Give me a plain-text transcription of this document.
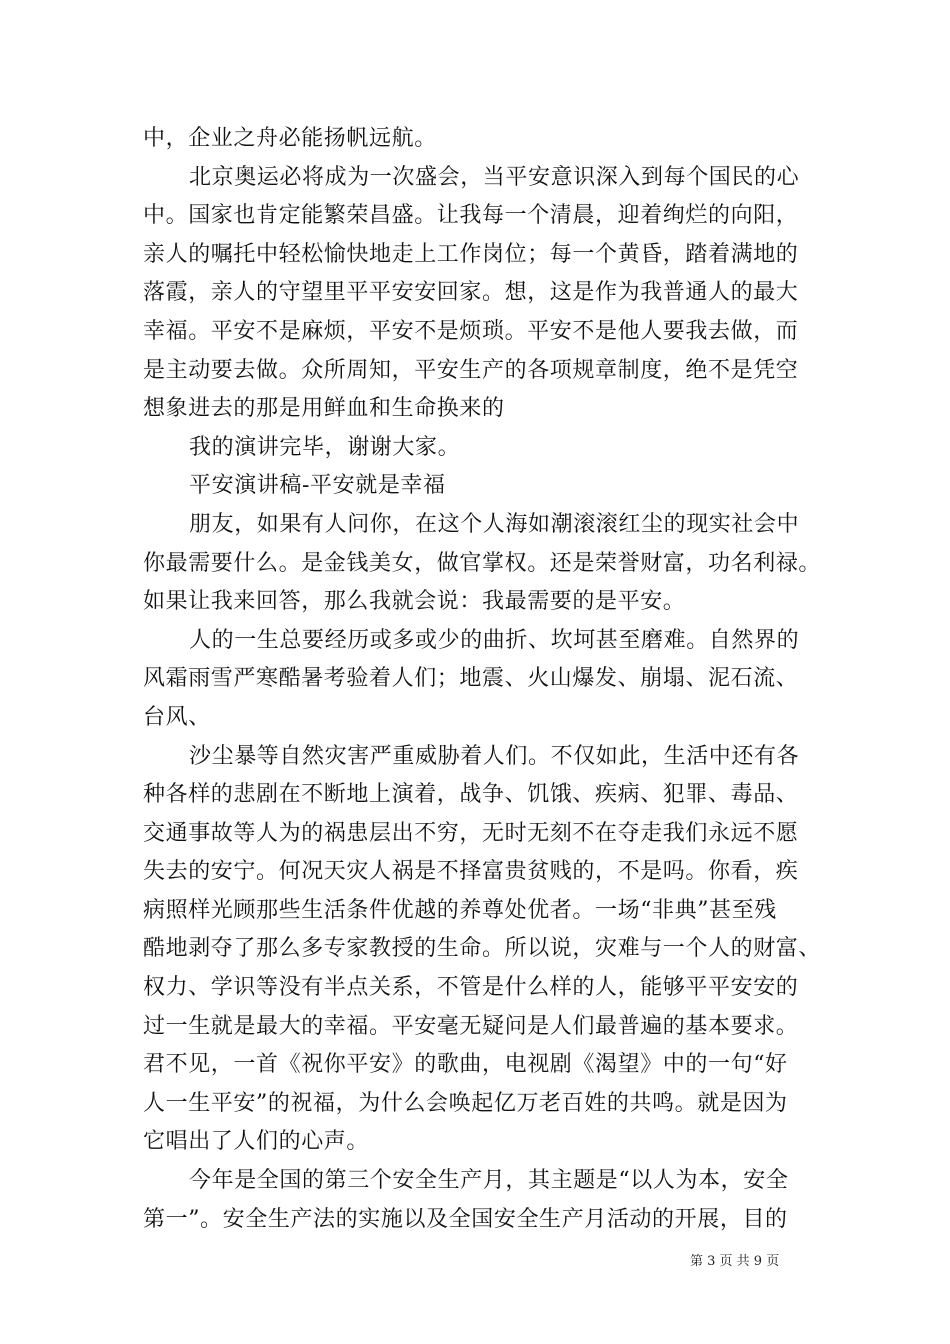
中，企业之舟必能扬帆远航。
北京奥运必将成为一次盛会，当平安意识深入到每个国民的心
中。国家也肯定能繁荣昌盛。让我每一个清晨，迎着绚烂的向阳，
亲人的嘱托中轻松愉快地走上工作岗位；每一个黄昏，踏着满地的
落霞，亲人的守望里平平安安回家。想，这是作为我普通人的最大
幸福。平安不是麻烦，平安不是烦琐。平安不是他人要我去做，而
是主动要去做。众所周知，平安生产的各项规章制度，绝不是凭空
想象进去的那是用鲜血和生命换来的
我的演讲完毕，谢谢大家。
平安演讲稿-平安就是幸福
朋友，如果有人问你，在这个人海如潮滚滚红尘的现实社会中
你最需要什么。是金钱美女，做官掌权。还是荣誉财富，功名利禄。
如果让我来回答，那么我就会说：我最需要的是平安。
人的一生总要经历或多或少的曲折、坎坷甚至磨难。自然界的
风霜雨雪严寒酷暑考验着人们；地震、火山爆发、崩塌、泥石流、
台风、
沙尘暴等自然灾害严重威胁着人们。不仅如此，生活中还有各
种各样的悲剧在不断地上演着，战争、饥饿、疾病、犯罪、毒品、
交通事故等人为的祸患层出不穷，无时无刻不在夺走我们永远不愿
失去的安宁。何况天灾人祸是不择富贵贫贱的，不是吗。你看，疾
病照样光顾那些生活条件优越的养尊处优者。一场“非典”甚至残
酷地剥夺了那么多专家教授的生命。所以说，灾难与一个人的财富、
权力、学识等没有半点关系，不管是什么样的人，能够平平安安的
过一生就是最大的幸福。平安毫无疑问是人们最普遍的基本要求。
君不见，一首《祝你平安》的歌曲，电视剧《渴望》中的一句“好
人一生平安”的祝福，为什么会唤起亿万老百姓的共鸣。就是因为
它唱出了人们的心声。
今年是全国的第三个安全生产月，其主题是“以人为本，安全
第一”。安全生产法的实施以及全国安全生产月活动的开展，目的
第 3 页 共 9 页
